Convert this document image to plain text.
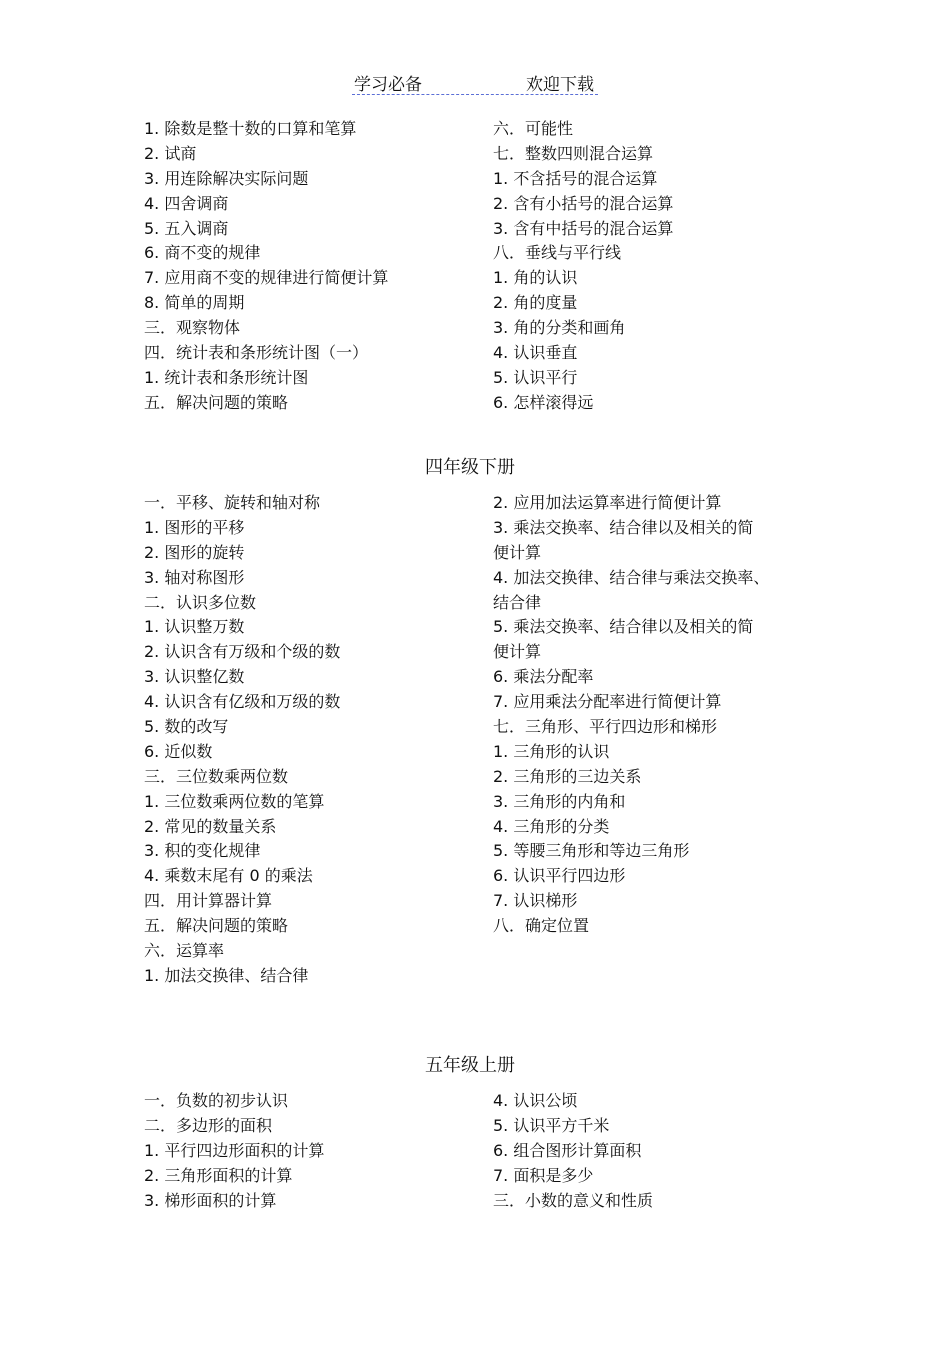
学习必备	欢迎下载
1. 除数是整十数的口算和笔算
2. 试商
3. 用连除解决实际问题
4. 四舍调商
5. 五入调商
6. 商不变的规律
7. 应用商不变的规律进行简便计算
8. 简单的周期
三．观察物体
四．统计表和条形统计图（一）
1. 统计表和条形统计图
五．解决问题的策略
六．可能性
七．整数四则混合运算
1. 不含括号的混合运算
2. 含有小括号的混合运算
3. 含有中括号的混合运算
八．垂线与平行线
1. 角的认识
2. 角的度量
3. 角的分类和画角
4. 认识垂直
5. 认识平行
6. 怎样滚得远
四年级下册
一．平移、旋转和轴对称
1. 图形的平移
2. 图形的旋转
3. 轴对称图形
二．认识多位数
1. 认识整万数
2. 认识含有万级和个级的数
3. 认识整亿数
4. 认识含有亿级和万级的数
5. 数的改写
6. 近似数
三．三位数乘两位数
1. 三位数乘两位数的笔算
2. 常见的数量关系
3. 积的变化规律
4. 乘数末尾有 0 的乘法
四．用计算器计算
五．解决问题的策略
六．运算率
1. 加法交换律、结合律
2. 应用加法运算率进行简便计算
3. 乘法交换率、结合律以及相关的简
便计算
4. 加法交换律、结合律与乘法交换率、
结合律
5. 乘法交换率、结合律以及相关的简
便计算
6. 乘法分配率
7. 应用乘法分配率进行简便计算
七．三角形、平行四边形和梯形
1. 三角形的认识
2. 三角形的三边关系
3. 三角形的内角和
4. 三角形的分类
5. 等腰三角形和等边三角形
6. 认识平行四边形
7. 认识梯形
八．确定位置
五年级上册
一．负数的初步认识
二．多边形的面积
1. 平行四边形面积的计算
2. 三角形面积的计算
3. 梯形面积的计算
4. 认识公顷
5. 认识平方千米
6. 组合图形计算面积
7. 面积是多少
三．小数的意义和性质
